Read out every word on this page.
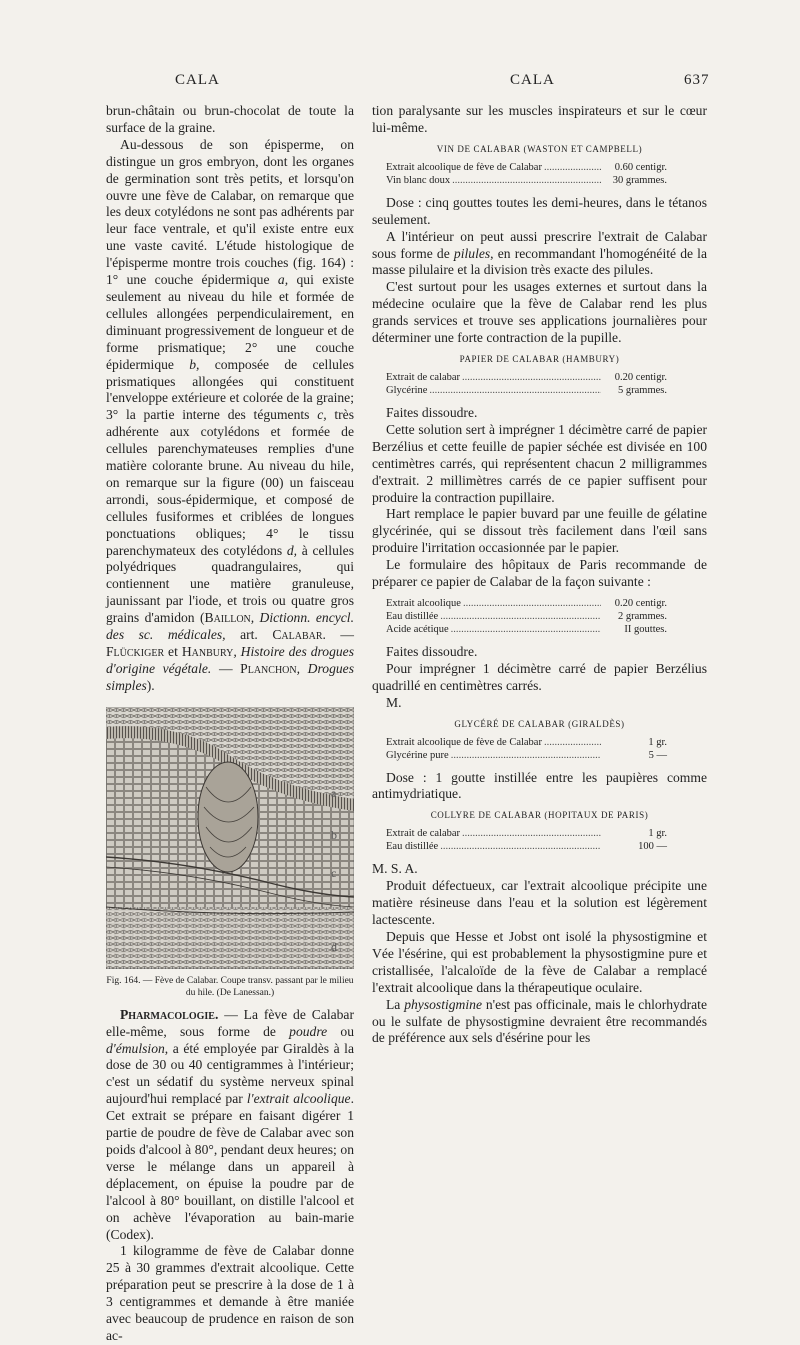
CALA	CALA	637

brun-châtain ou brun-chocolat de toute la surface de la graine.

Au-dessous de son épisperme, on distingue un gros embryon, dont les organes de germination sont très petits, et lorsqu'on ouvre une fève de Calabar, on remarque que les deux cotylédons ne sont pas adhérents par leur face ventrale, et qu'il existe entre eux une vaste cavité. L'étude histologique de l'épisperme montre trois couches (fig. 164) : 1° une couche épidermique a, qui existe seulement au niveau du hile et formée de cellules allongées perpendiculairement, en diminuant progressivement de longueur et de forme prismatique; 2° une couche épidermique b, composée de cellules prismatiques allongées qui constituent l'enveloppe extérieure et colorée de la graine; 3° la partie interne des téguments c, très adhérente aux cotylédons et formée de cellules parenchymateuses remplies d'une matière colorante brune. Au niveau du hile, on remarque sur la figure (00) un faisceau arrondi, sous-épidermique, et composé de cellules fusiformes et criblées de longues ponctuations obliques; 4° le tissu parenchymateux des cotylédons d, à cellules polyédriques quadrangulaires, qui contiennent une matière granuleuse, jaunissant par l'iode, et trois ou quatre gros grains d'amidon (Baillon, Dictionn. encycl. des sc. médicales, art. Calabar. — Flückiger et Hanbury, Histoire des drogues d'origine végétale. — Planchon, Drogues simples).

a
b
c
d
Fig. 164. — Fève de Calabar. Coupe transv. passant par le milieu du hile. (De Lanessan.)

Pharmacologie. — La fève de Calabar elle-même, sous forme de poudre ou d'émulsion, a été employée par Giraldès à la dose de 30 ou 40 centigrammes à l'intérieur; c'est un sédatif du système nerveux spinal aujourd'hui remplacé par l'extrait alcoolique. Cet extrait se prépare en faisant digérer 1 partie de poudre de fève de Calabar avec son poids d'alcool à 80°, pendant deux heures; on verse le mélange dans un appareil à déplacement, on épuise la poudre par de l'alcool à 80° bouillant, on distille l'alcool et on achève l'évaporation au bain-marie (Codex).

1 kilogramme de fève de Calabar donne 25 à 30 grammes d'extrait alcoolique. Cette préparation peut se prescrire à la dose de 1 à 3 centigrammes et demande à être maniée avec beaucoup de prudence en raison de son ac-

tion paralysante sur les muscles inspirateurs et sur le cœur lui-même.

VIN DE CALABAR (WASTON ET CAMPBELL)
Extrait alcoolique de fève de Calabar .....	0.60 centigr.
Vin blanc doux .....	30 grammes.

Dose : cinq gouttes toutes les demi-heures, dans le tétanos seulement.

A l'intérieur on peut aussi prescrire l'extrait de Calabar sous forme de pilules, en recommandant l'homogénéité de la masse pilulaire et la division très exacte des pilules.

C'est surtout pour les usages externes et surtout dans la médecine oculaire que la fève de Calabar rend les plus grands services et trouve ses applications journalières pour déterminer une forte contraction de la pupille.

PAPIER DE CALABAR (HAMBURY)
Extrait de calabar .....	0.20 centigr.
Glycérine .....	5 grammes.

Faites dissoudre.

Cette solution sert à imprégner 1 décimètre carré de papier Berzélius et cette feuille de papier séchée est divisée en 100 centimètres carrés, qui représentent chacun 2 milligrammes d'extrait. 2 millimètres carrés de ce papier suffisent pour produire la contraction pupillaire.

Hart remplace le papier buvard par une feuille de gélatine glycérinée, qui se dissout très facilement dans l'œil sans produire l'irritation occasionnée par le papier.

Le formulaire des hôpitaux de Paris recommande de préparer ce papier de Calabar de la façon suivante :

Extrait alcoolique .....	0.20 centigr.
Eau distillée .....	2 grammes.
Acide acétique .....	II gouttes.

Faites dissoudre.

Pour imprégner 1 décimètre carré de papier Berzélius quadrillé en centimètres carrés.

M.

GLYCÉRÉ DE CALABAR (GIRALDÈS)
Extrait alcoolique de fève de Calabar .....	1 gr.
Glycérine pure .....	5 —

Dose : 1 goutte instillée entre les paupières comme antimydriatique.

COLLYRE DE CALABAR (HOPITAUX DE PARIS)
Extrait de calabar .....	1 gr.
Eau distillée .....	100 —

M. S. A.

Produit défectueux, car l'extrait alcoolique précipite une matière résineuse dans l'eau et la solution est légèrement lactescente.

Depuis que Hesse et Jobst ont isolé la physostigmine et Vée l'ésérine, qui est probablement la physostigmine pure et cristallisée, l'alcaloïde de la fève de Calabar a remplacé l'extrait alcoolique dans la thérapeutique oculaire.

La physostigmine n'est pas officinale, mais le chlorhydrate ou le sulfate de physostigmine devraient être recommandés de préférence aux sels d'ésérine pour les
